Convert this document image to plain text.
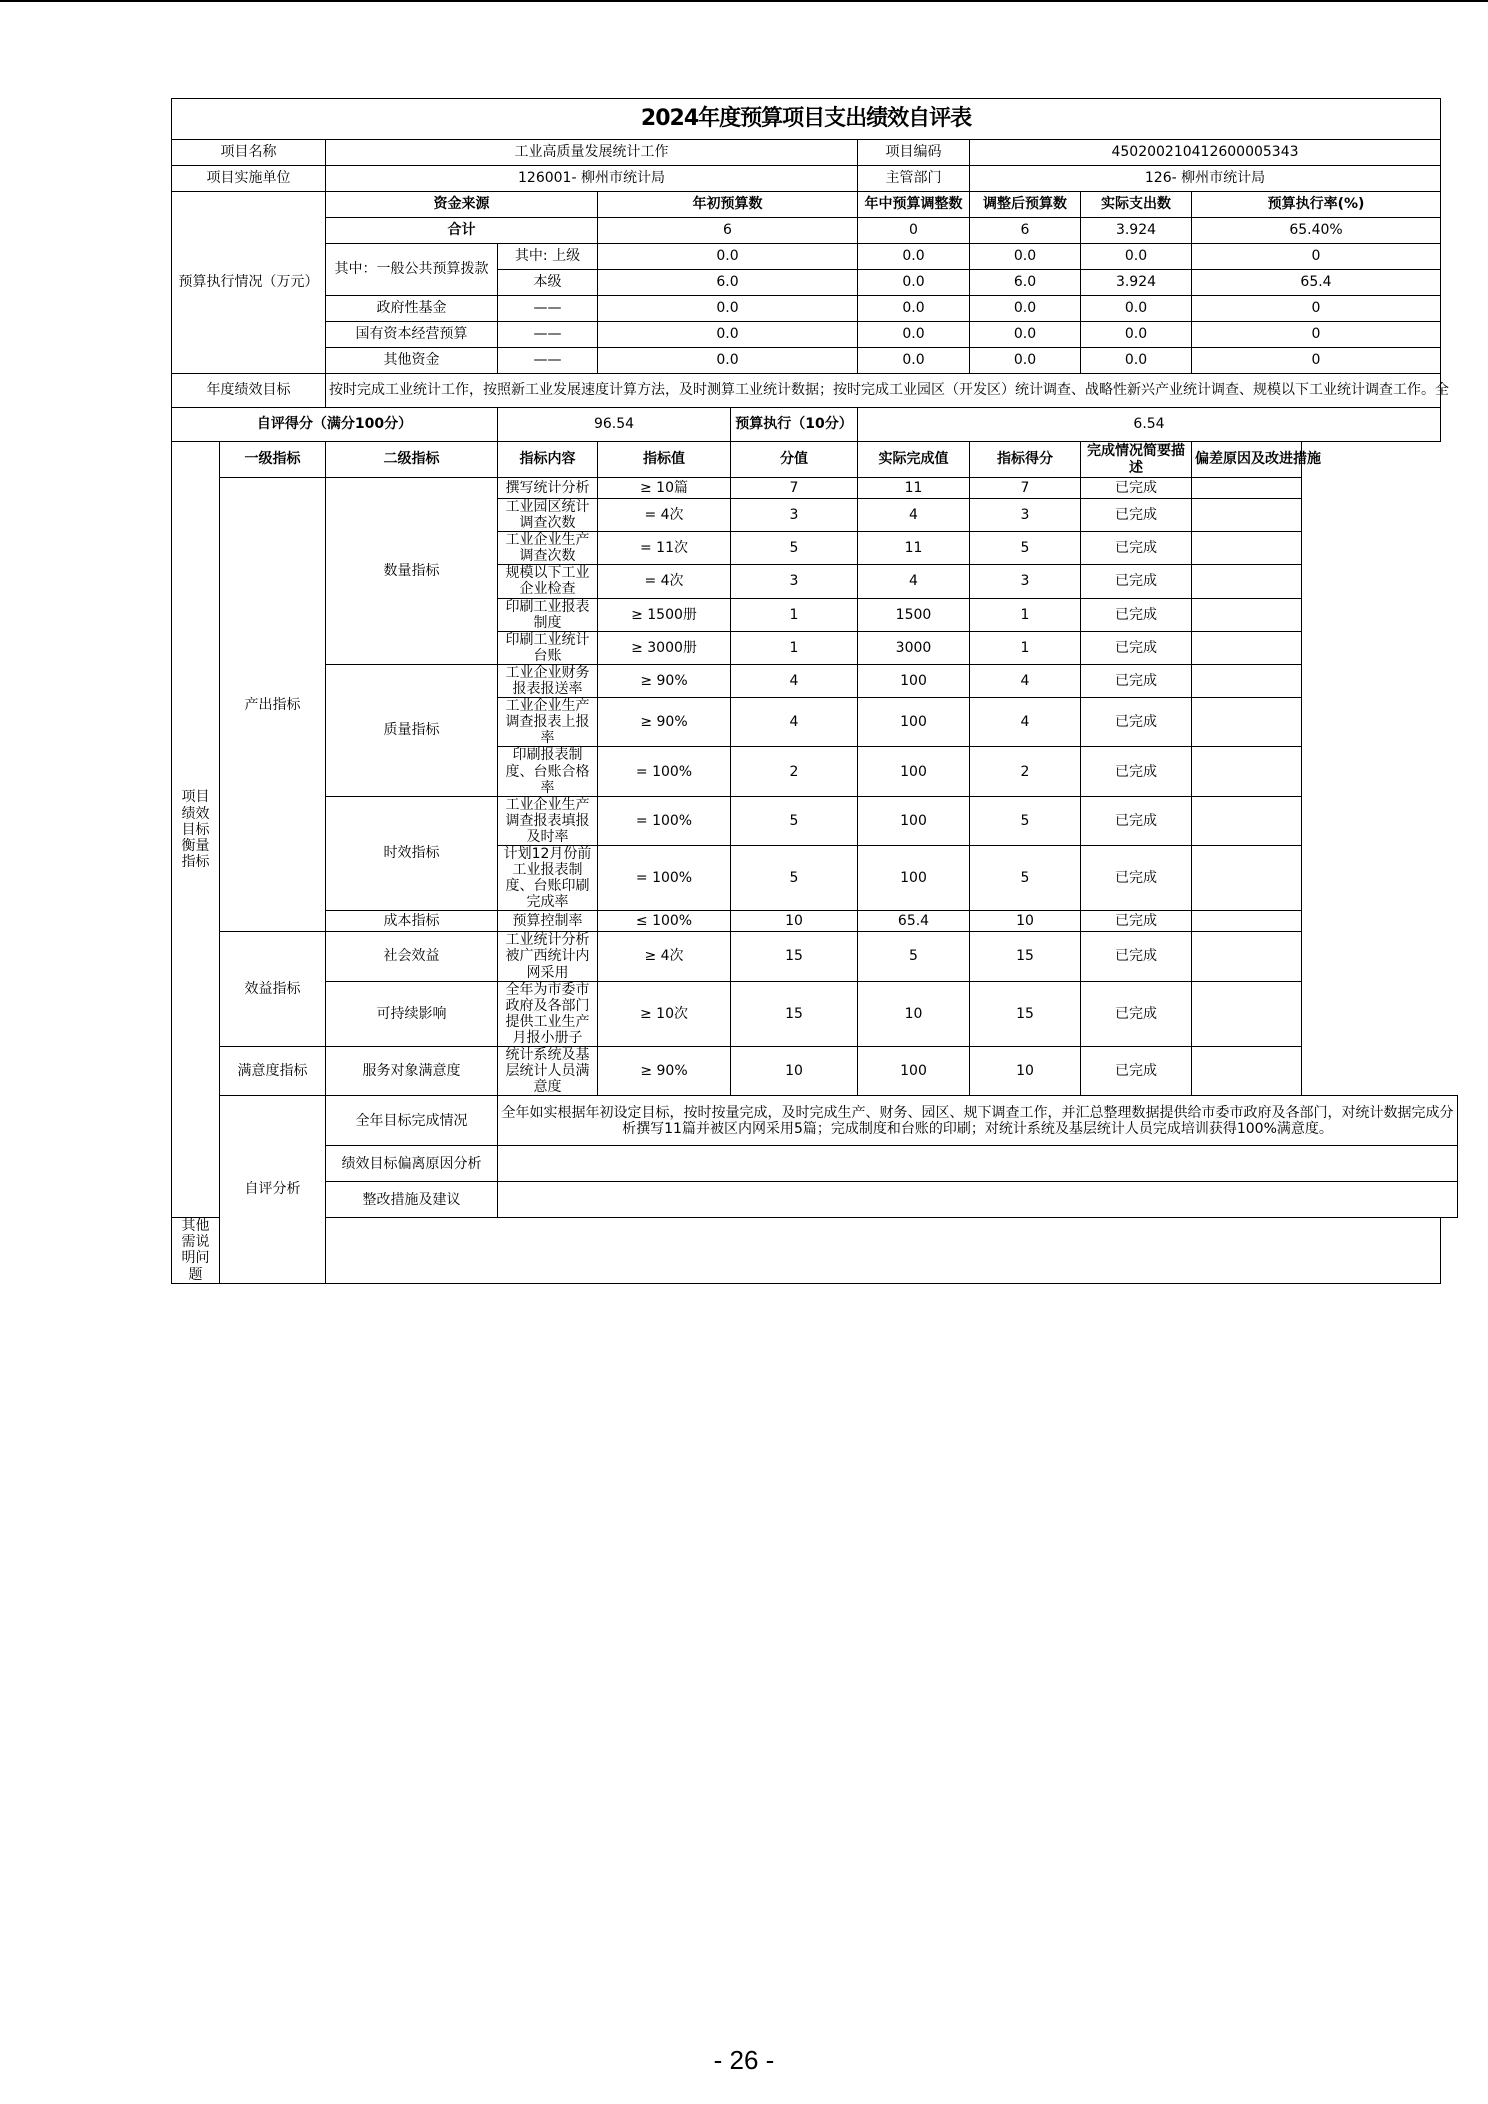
2024年度预算项目支出绩效自评表									
项目名称		工业高质量发展统计工作				项目编码	450200210412600005343		
项目实施单位		126001- 柳州市统计局				主管部门	126- 柳州市统计局		
预算执行情况（万元）		资金来源		年初预算数		年中预算调整数	调整后预算数	实际支出数	预算执行率(%)
		合计		6		0	6	3.924	65.40%
		其中：一般公共预算拨款	其中: 上级	0.0		0.0	0.0	0.0	0
			本级	6.0		0.0	6.0	3.924	65.4
		政府性基金	——	0.0		0.0	0.0	0.0	0
		国有资本经营预算	——	0.0		0.0	0.0	0.0	0
		其他资金	——	0.0		0.0	0.0	0.0	0
年度绩效目标		按时完成工业统计工作，按照新工业发展速度计算方法，及时测算工业统计数据；按时完成工业园区（开发区）统计调查、战略性新兴产业统计调查、规模以下工业统计调查工作。全							
自评得分（满分100分）			96.54		预算执行（10分）	6.54			
项目绩效目标衡量指标	一级指标	二级指标	指标内容	指标值	分值	实际完成值	指标得分	完成情况简要描述	偏差原因及改进措施
	产出指标	数量指标	撰写统计分析	≥ 10篇	7	11	7	已完成	
			工业园区统计调查次数	= 4次	3	4	3	已完成	
			工业企业生产调查次数	= 11次	5	11	5	已完成	
			规模以下工业企业检查	= 4次	3	4	3	已完成	
			印刷工业报表制度	≥ 1500册	1	1500	1	已完成	
			印刷工业统计台账	≥ 3000册	1	3000	1	已完成	
		质量指标	工业企业财务报表报送率	≥ 90%	4	100	4	已完成	
			工业企业生产调查报表上报率	≥ 90%	4	100	4	已完成	
			印刷报表制度、台账合格率	= 100%	2	100	2	已完成	
		时效指标	工业企业生产调查报表填报及时率	= 100%	5	100	5	已完成	
			计划12月份前工业报表制度、台账印刷完成率	= 100%	5	100	5	已完成	
		成本指标	预算控制率	≤ 100%	10	65.4	10	已完成	
	效益指标	社会效益	工业统计分析被广西统计内网采用	≥ 4次	15	5	15	已完成	
		可持续影响	全年为市委市政府及各部门提供工业生产月报小册子	≥ 10次	15	10	15	已完成	
	满意度指标	服务对象满意度	统计系统及基层统计人员满意度	≥ 90%	10	100	10	已完成	
	自评分析	全年目标完成情况	全年如实根据年初设定目标，按时按量完成，及时完成生产、财务、园区、规下调查工作，并汇总整理数据提供给市委市政府及各部门，对统计数据完成分析撰写11篇并被区内网采用5篇；完成制度和台账的印刷；对统计系统及基层统计人员完成培训获得100%满意度。						
		绩效目标偏离原因分析							
		整改措施及建议							
其他需说明问题									
- 26 -
